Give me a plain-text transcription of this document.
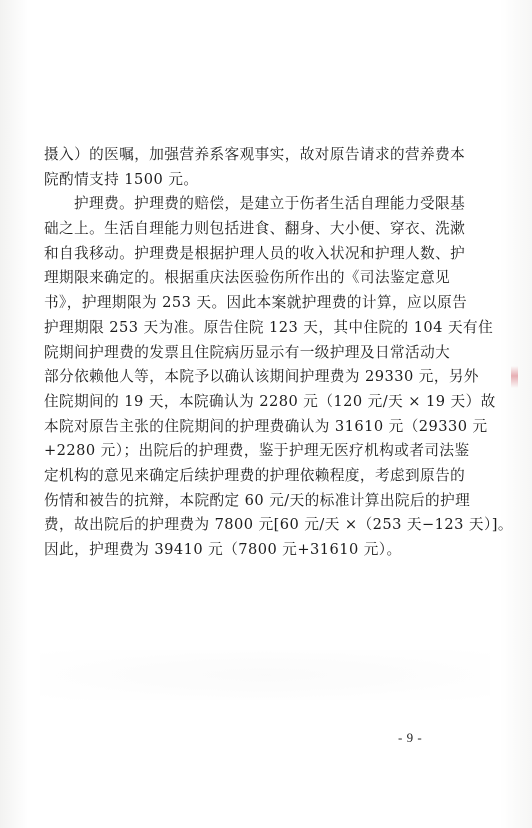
摄入）的医嘱，加强营养系客观事实，故对原告请求的营养费本
院酌情支持 1500 元。
护理费。护理费的赔偿，是建立于伤者生活自理能力受限基
础之上。生活自理能力则包括进食、翻身、大小便、穿衣、洗漱
和自我移动。护理费是根据护理人员的收入状况和护理人数、护
理期限来确定的。根据重庆法医验伤所作出的《司法鉴定意见
书》，护理期限为 253 天。因此本案就护理费的计算，应以原告
护理期限 253 天为准。原告住院 123 天，其中住院的 104 天有住
院期间护理费的发票且住院病历显示有一级护理及日常活动大
部分依赖他人等，本院予以确认该期间护理费为 29330 元，另外
住院期间的 19 天，本院确认为 2280 元（120 元/天 × 19 天）故
本院对原告主张的住院期间的护理费确认为 31610 元（29330 元
+2280 元）；出院后的护理费，鉴于护理无医疗机构或者司法鉴
定机构的意见来确定后续护理费的护理依赖程度，考虑到原告的
伤情和被告的抗辩，本院酌定 60 元/天的标准计算出院后的护理
费，故出院后的护理费为 7800 元[60 元/天 ×（253 天−123 天）]。
因此，护理费为 39410 元（7800 元+31610 元）。
- 9 -
